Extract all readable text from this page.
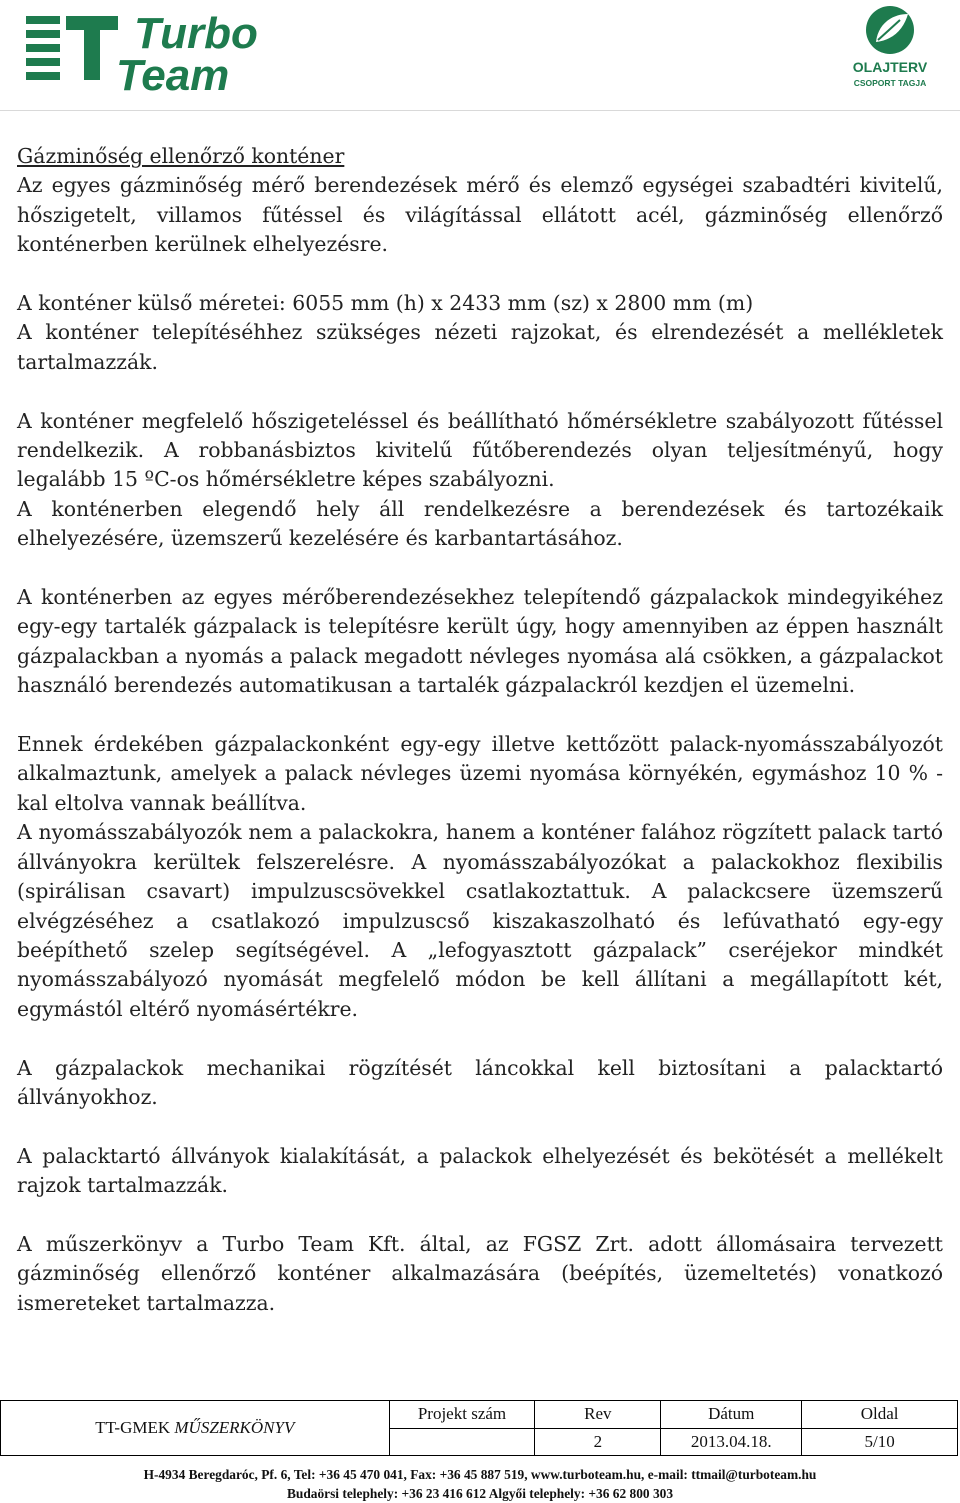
Turbo
Team	OLAJTERV
CSOPORT TAGJA

Gázminőség ellenőrző konténer

Az egyes gázminőség mérő berendezések mérő és elemző egységei szabadtéri kivitelű, hőszigetelt, villamos fűtéssel és világítással ellátott acél, gázminőség ellenőrző konténerben kerülnek elhelyezésre.

A konténer külső méretei: 6055 mm (h) x 2433 mm (sz) x 2800 mm (m)

A konténer telepítéséhhez szükséges nézeti rajzokat, és elrendezését a mellékletek tartalmazzák.

A konténer megfelelő hőszigeteléssel és beállítható hőmérsékletre szabályozott fűtéssel rendelkezik. A robbanásbiztos kivitelű fűtőberendezés olyan teljesítményű, hogy legalább 15 ºC-os hőmérsékletre képes szabályozni.

A konténerben elegendő hely áll rendelkezésre a berendezések és tartozékaik elhelyezésére, üzemszerű kezelésére és karbantartásához.

A konténerben az egyes mérőberendezésekhez telepítendő gázpalackok mindegyikéhez egy-egy tartalék gázpalack is telepítésre került úgy, hogy amennyiben az éppen használt gázpalackban a nyomás a palack megadott névleges nyomása alá csökken, a gázpalackot használó berendezés automatikusan a tartalék gázpalackról kezdjen el üzemelni.

Ennek érdekében gázpalackonként egy-egy illetve kettőzött palack-nyomásszabályozót alkalmaztunk, amelyek a palack névleges üzemi nyomása környékén, egymáshoz 10 % -kal eltolva vannak beállítva.

A nyomásszabályozók nem a palackokra, hanem a konténer falához rögzített palack tartó állványokra kerültek felszerelésre. A nyomásszabályozókat a palackokhoz flexibilis (spirálisan csavart) impulzuscsövekkel csatlakoztattuk. A palackcsere üzemszerű elvégzéséhez a csatlakozó impulzuscső kiszakaszolható és lefúvatható egy-egy beépíthető szelep segítségével. A „lefogyasztott gázpalack” cseréjekor mindkét nyomásszabályozó nyomását megfelelő módon be kell állítani a megállapított két, egymástól eltérő nyomásértékre.

A gázpalackok mechanikai rögzítését láncokkal kell biztosítani a palacktartó állványokhoz.

A palacktartó állványok kialakítását, a palackok elhelyezését és bekötését a mellékelt rajzok tartalmazzák.

A műszerkönyv a Turbo Team Kft. által, az FGSZ Zrt. adott állomásaira tervezett gázminőség ellenőrző konténer alkalmazására (beépítés, üzemeltetés) vonatkozó ismereteket tartalmazza.

TT-GMEK MŰSZERKÖNYV	Projekt szám	Rev	Dátum	Oldal
		2	2013.04.18.	5/10
H-4934 Beregdaróc, Pf. 6, Tel: +36 45 470 041, Fax: +36 45 887 519, www.turboteam.hu, e-mail: ttmail@turboteam.hu
Budaörsi telephely: +36 23 416 612 Algyői telephely: +36 62 800 303
